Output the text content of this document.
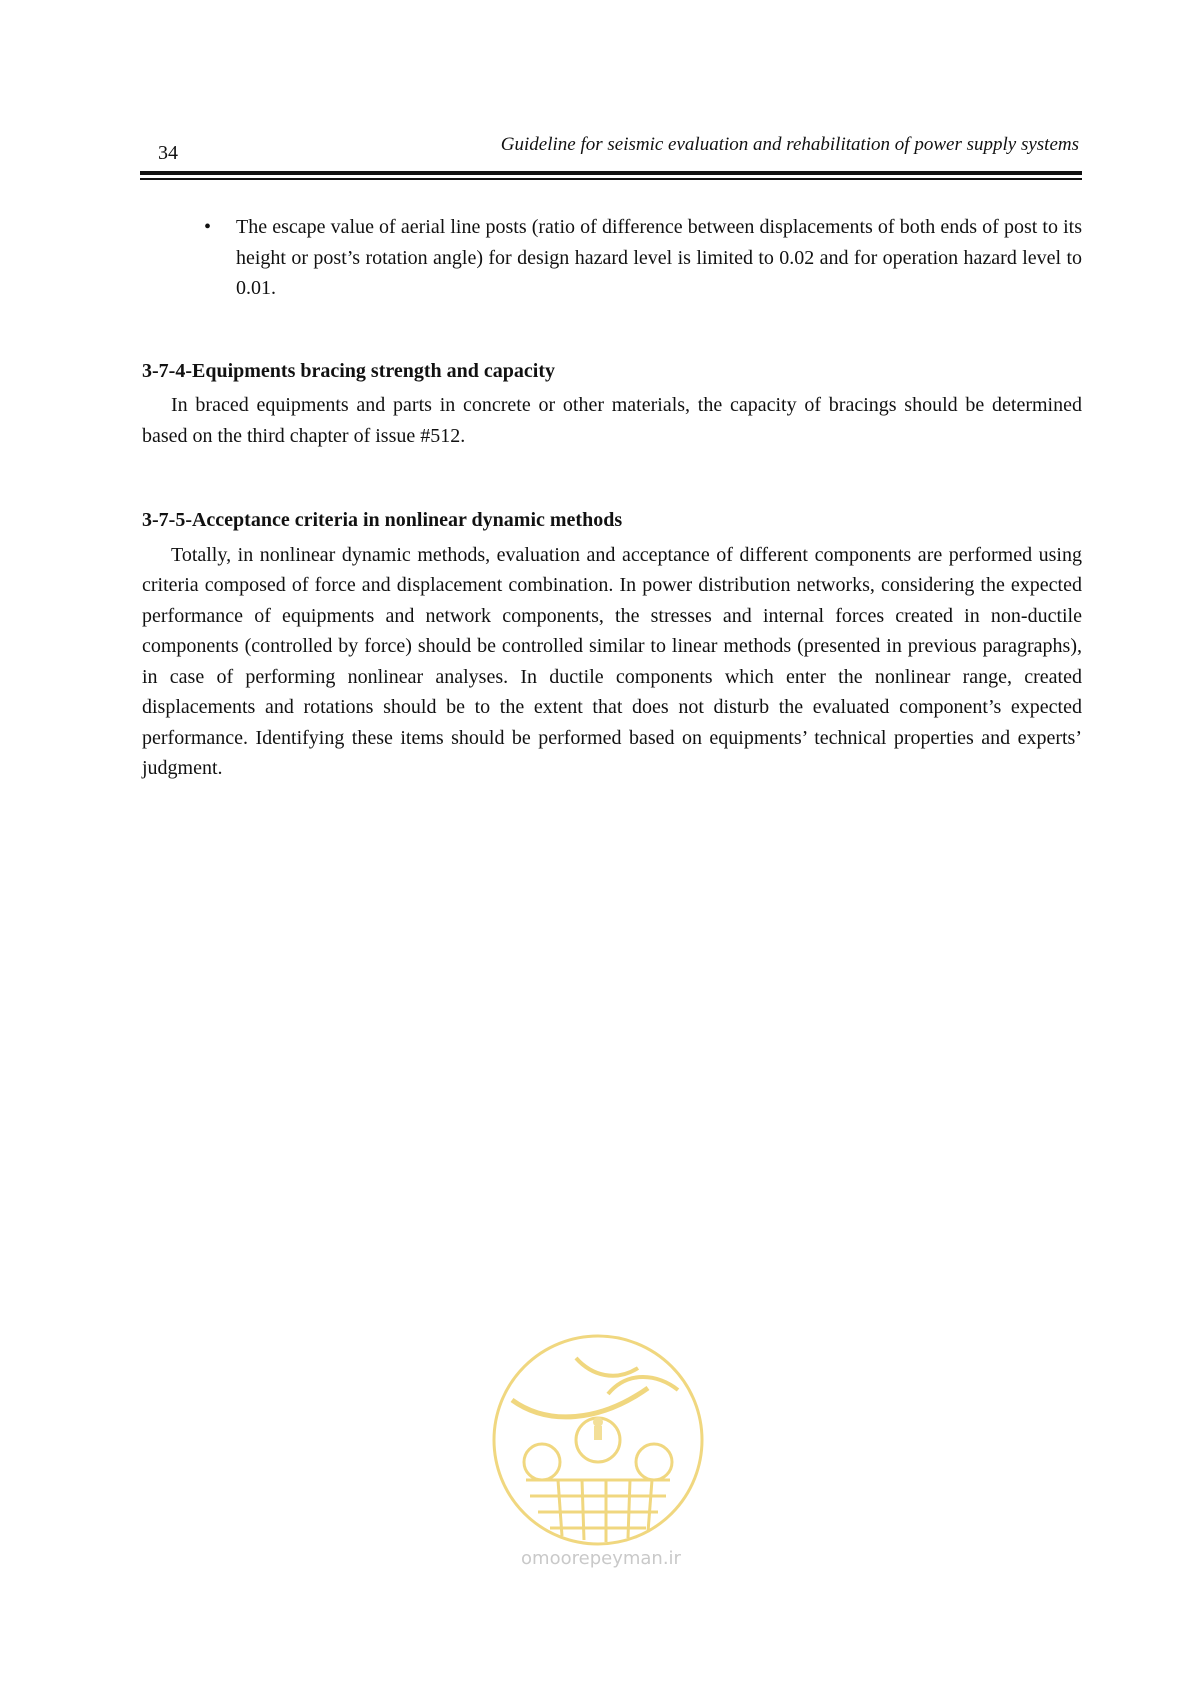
34	Guideline for seismic evaluation and rehabilitation of power supply systems
• The escape value of aerial line posts (ratio of difference between displacements of both ends of post to its height or post’s rotation angle) for design hazard level is limited to 0.02 and for operation hazard level to 0.01.
3-7-4-Equipments bracing strength and capacity

In braced equipments and parts in concrete or other materials, the capacity of bracings should be determined based on the third chapter of issue #512.

3-7-5-Acceptance criteria in nonlinear dynamic methods

Totally, in nonlinear dynamic methods, evaluation and acceptance of different components are performed using criteria composed of force and displacement combination. In power distribution networks, considering the expected performance of equipments and network components, the stresses and internal forces created in non-ductile components (controlled by force) should be controlled similar to linear methods (presented in previous paragraphs), in case of performing nonlinear analyses. In ductile components which enter the nonlinear range, created displacements and rotations should be to the extent that does not disturb the evaluated component’s expected performance. Identifying these items should be performed based on equipments’ technical properties and experts’ judgment.

omoorepeyman.ir
